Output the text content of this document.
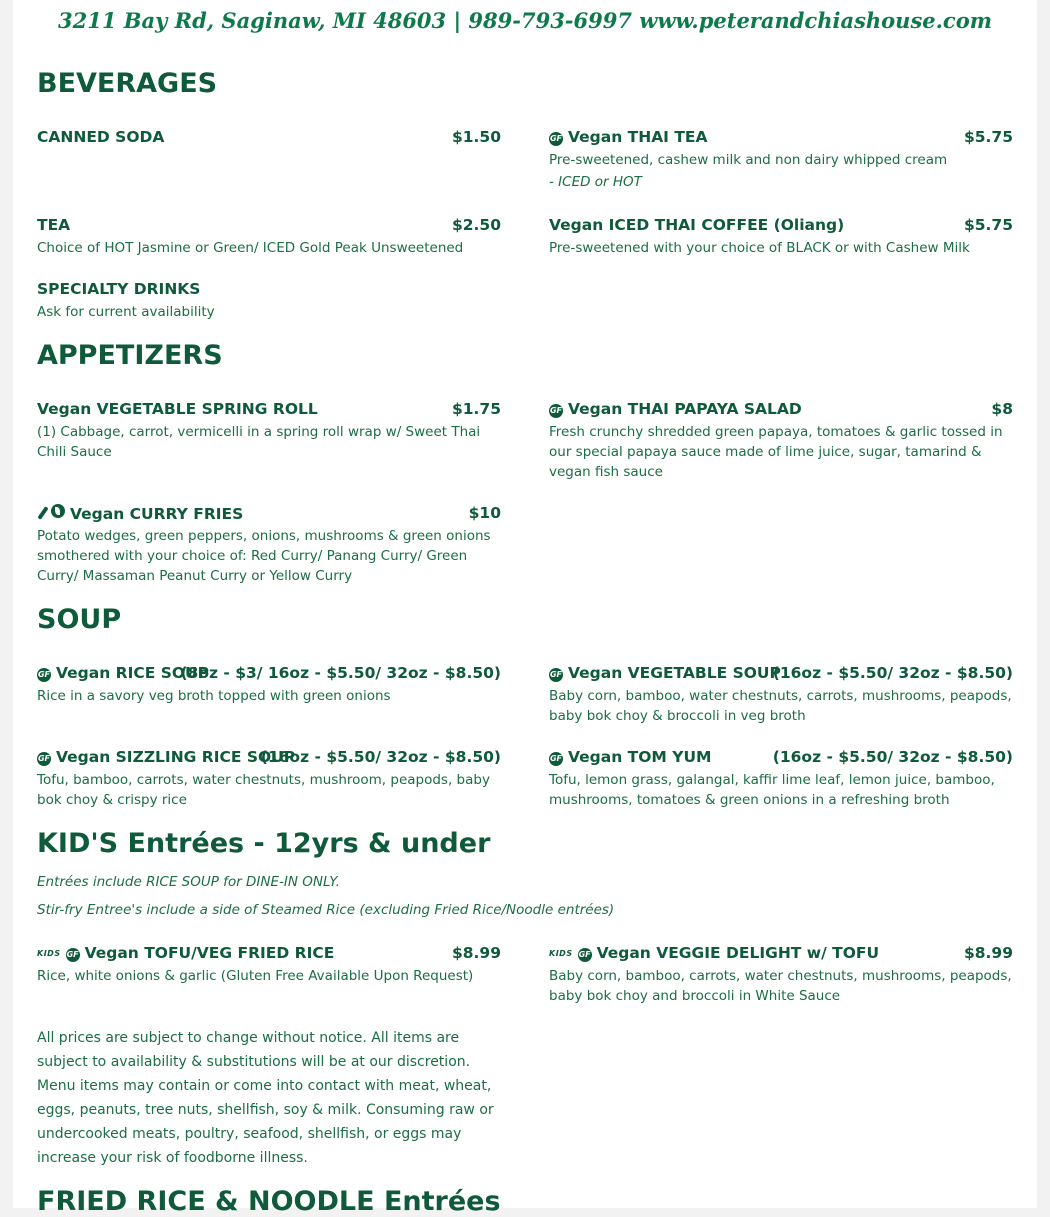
3211 Bay Rd, Saginaw, MI 48603 | 989-793-6997 www.peterandchiashouse.com
BEVERAGES
CANNED SODA	$1.50	GF Vegan THAI TEA	$5.75
Pre-sweetened, cashew milk and non dairy whipped cream
- ICED or HOT
TEA	$2.50
Choice of HOT Jasmine or Green/ ICED Gold Peak Unsweetened
Vegan ICED THAI COFFEE (Oliang)	$5.75
Pre-sweetened with your choice of BLACK or with Cashew Milk
SPECIALTY DRINKS
Ask for current availability
APPETIZERS
Vegan VEGETABLE SPRING ROLL	$1.75
(1) Cabbage, carrot, vermicelli in a spring roll wrap w/ Sweet Thai Chili Sauce
GF Vegan THAI PAPAYA SALAD	$8
Fresh crunchy shredded green papaya, tomatoes & garlic tossed in our special papaya sauce made of lime juice, sugar, tamarind & vegan fish sauce
Vegan CURRY FRIES	$10
Potato wedges, green peppers, onions, mushrooms & green onions smothered with your choice of: Red Curry/ Panang Curry/ Green Curry/ Massaman Peanut Curry or Yellow Curry
SOUP
GF Vegan RICE SOUP
(8oz - $3/ 16oz - $5.50/ 32oz - $8.50)
Rice in a savory veg broth topped with green onions
GF Vegan VEGETABLE SOUP
(16oz - $5.50/ 32oz - $8.50)
Baby corn, bamboo, water chestnuts, carrots, mushrooms, peapods, baby bok choy & broccoli in veg broth
GF Vegan SIZZLING RICE SOUP
(16oz - $5.50/ 32oz - $8.50)
Tofu, bamboo, carrots, water chestnuts, mushroom, peapods, baby bok choy & crispy rice
GF Vegan TOM YUM	(16oz - $5.50/ 32oz - $8.50)
Tofu, lemon grass, galangal, kaffir lime leaf, lemon juice, bamboo, mushrooms, tomatoes & green onions in a refreshing broth
KID'S Entrées - 12yrs & under
Entrées include RICE SOUP for DINE-IN ONLY.
Stir-fry Entree's include a side of Steamed Rice (excluding Fried Rice/Noodle entrées)
KIDS GF Vegan TOFU/VEG FRIED RICE	$8.99
Rice, white onions & garlic (Gluten Free Available Upon Request)
KIDS GF Vegan VEGGIE DELIGHT w/ TOFU	$8.99
Baby corn, bamboo, carrots, water chestnuts, mushrooms, peapods, baby bok choy and broccoli in White Sauce
All prices are subject to change without notice. All items are subject to availability & substitutions will be at our discretion. Menu items may contain or come into contact with meat, wheat, eggs, peanuts, tree nuts, shellfish, soy & milk. Consuming raw or undercooked meats, poultry, seafood, shellfish, or eggs may increase your risk of foodborne illness.
FRIED RICE & NOODLE Entrées
